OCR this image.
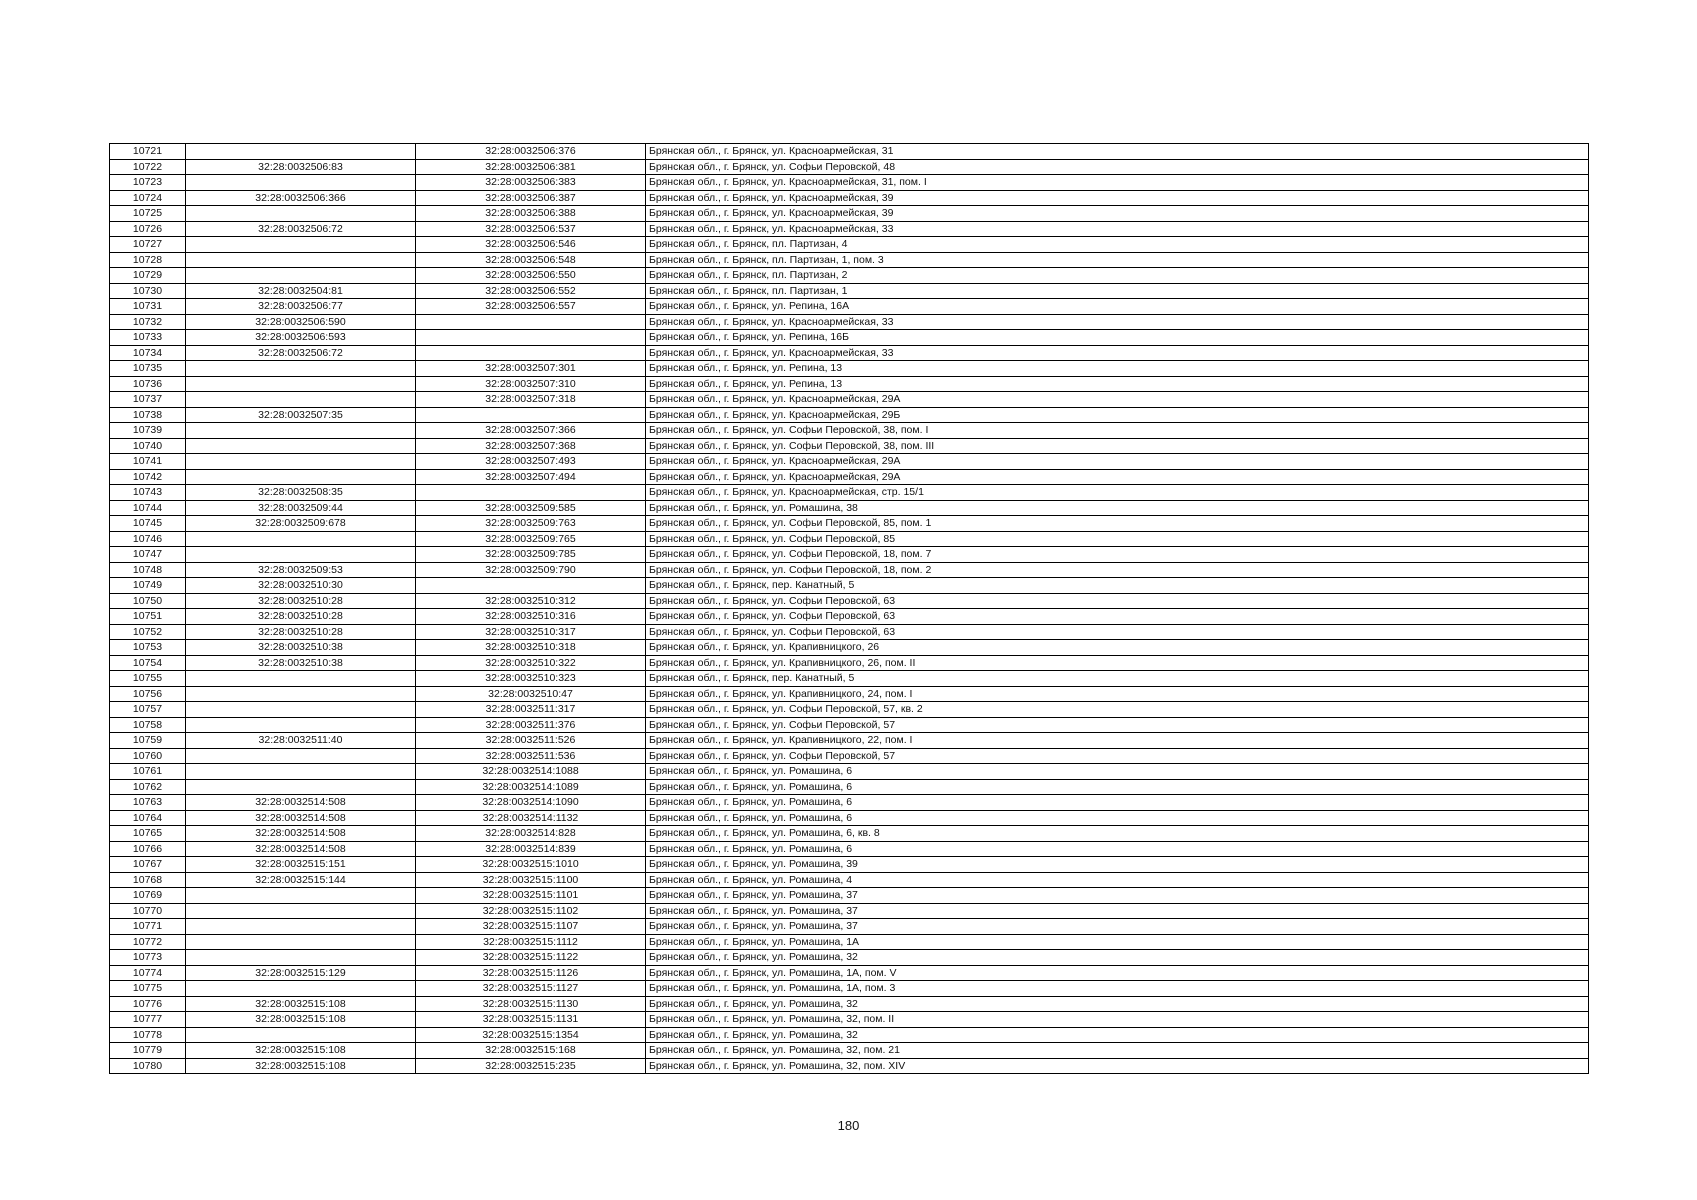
10721		32:28:0032506:376	Брянская обл., г. Брянск, ул. Красноармейская, 31
10722	32:28:0032506:83	32:28:0032506:381	Брянская обл., г. Брянск, ул. Софьи Перовской, 48
10723		32:28:0032506:383	Брянская обл., г. Брянск, ул. Красноармейская, 31, пом. I
10724	32:28:0032506:366	32:28:0032506:387	Брянская обл., г. Брянск, ул. Красноармейская, 39
10725		32:28:0032506:388	Брянская обл., г. Брянск, ул. Красноармейская, 39
10726	32:28:0032506:72	32:28:0032506:537	Брянская обл., г. Брянск, ул. Красноармейская, 33
10727		32:28:0032506:546	Брянская обл., г. Брянск, пл. Партизан, 4
10728		32:28:0032506:548	Брянская обл., г. Брянск, пл. Партизан, 1, пом. 3
10729		32:28:0032506:550	Брянская обл., г. Брянск, пл. Партизан, 2
10730	32:28:0032504:81	32:28:0032506:552	Брянская обл., г. Брянск, пл. Партизан, 1
10731	32:28:0032506:77	32:28:0032506:557	Брянская обл., г. Брянск, ул. Репина, 16А
10732	32:28:0032506:590		Брянская обл., г. Брянск, ул. Красноармейская, 33
10733	32:28:0032506:593		Брянская обл., г. Брянск, ул. Репина, 16Б
10734	32:28:0032506:72		Брянская обл., г. Брянск, ул. Красноармейская, 33
10735		32:28:0032507:301	Брянская обл., г. Брянск, ул. Репина, 13
10736		32:28:0032507:310	Брянская обл., г. Брянск, ул. Репина, 13
10737		32:28:0032507:318	Брянская обл., г. Брянск, ул. Красноармейская, 29А
10738	32:28:0032507:35		Брянская обл., г. Брянск, ул. Красноармейская, 29Б
10739		32:28:0032507:366	Брянская обл., г. Брянск, ул. Софьи Перовской, 38, пом. I
10740		32:28:0032507:368	Брянская обл., г. Брянск, ул. Софьи Перовской, 38, пом. III
10741		32:28:0032507:493	Брянская обл., г. Брянск, ул. Красноармейская, 29А
10742		32:28:0032507:494	Брянская обл., г. Брянск, ул. Красноармейская, 29А
10743	32:28:0032508:35		Брянская обл., г. Брянск, ул. Красноармейская, стр. 15/1
10744	32:28:0032509:44	32:28:0032509:585	Брянская обл., г. Брянск, ул. Ромашина, 38
10745	32:28:0032509:678	32:28:0032509:763	Брянская обл., г. Брянск, ул. Софьи Перовской, 85, пом. 1
10746		32:28:0032509:765	Брянская обл., г. Брянск, ул. Софьи Перовской, 85
10747		32:28:0032509:785	Брянская обл., г. Брянск, ул. Софьи Перовской, 18, пом. 7
10748	32:28:0032509:53	32:28:0032509:790	Брянская обл., г. Брянск, ул. Софьи Перовской, 18, пом. 2
10749	32:28:0032510:30		Брянская обл., г. Брянск, пер. Канатный, 5
10750	32:28:0032510:28	32:28:0032510:312	Брянская обл., г. Брянск, ул. Софьи Перовской, 63
10751	32:28:0032510:28	32:28:0032510:316	Брянская обл., г. Брянск, ул. Софьи Перовской, 63
10752	32:28:0032510:28	32:28:0032510:317	Брянская обл., г. Брянск, ул. Софьи Перовской, 63
10753	32:28:0032510:38	32:28:0032510:318	Брянская обл., г. Брянск, ул. Крапивницкого, 26
10754	32:28:0032510:38	32:28:0032510:322	Брянская обл., г. Брянск, ул. Крапивницкого, 26, пом. II
10755		32:28:0032510:323	Брянская обл., г. Брянск, пер. Канатный, 5
10756		32:28:0032510:47	Брянская обл., г. Брянск, ул. Крапивницкого, 24, пом. I
10757		32:28:0032511:317	Брянская обл., г. Брянск, ул. Софьи Перовской, 57, кв. 2
10758		32:28:0032511:376	Брянская обл., г. Брянск, ул. Софьи Перовской, 57
10759	32:28:0032511:40	32:28:0032511:526	Брянская обл., г. Брянск, ул. Крапивницкого, 22, пом. I
10760		32:28:0032511:536	Брянская обл., г. Брянск, ул. Софьи Перовской, 57
10761		32:28:0032514:1088	Брянская обл., г. Брянск, ул. Ромашина, 6
10762		32:28:0032514:1089	Брянская обл., г. Брянск, ул. Ромашина, 6
10763	32:28:0032514:508	32:28:0032514:1090	Брянская обл., г. Брянск, ул. Ромашина, 6
10764	32:28:0032514:508	32:28:0032514:1132	Брянская обл., г. Брянск, ул. Ромашина, 6
10765	32:28:0032514:508	32:28:0032514:828	Брянская обл., г. Брянск, ул. Ромашина, 6, кв. 8
10766	32:28:0032514:508	32:28:0032514:839	Брянская обл., г. Брянск, ул. Ромашина, 6
10767	32:28:0032515:151	32:28:0032515:1010	Брянская обл., г. Брянск, ул. Ромашина, 39
10768	32:28:0032515:144	32:28:0032515:1100	Брянская обл., г. Брянск, ул. Ромашина, 4
10769		32:28:0032515:1101	Брянская обл., г. Брянск, ул. Ромашина, 37
10770		32:28:0032515:1102	Брянская обл., г. Брянск, ул. Ромашина, 37
10771		32:28:0032515:1107	Брянская обл., г. Брянск, ул. Ромашина, 37
10772		32:28:0032515:1112	Брянская обл., г. Брянск, ул. Ромашина, 1А
10773		32:28:0032515:1122	Брянская обл., г. Брянск, ул. Ромашина, 32
10774	32:28:0032515:129	32:28:0032515:1126	Брянская обл., г. Брянск, ул. Ромашина, 1А, пом. V
10775		32:28:0032515:1127	Брянская обл., г. Брянск, ул. Ромашина, 1А, пом. 3
10776	32:28:0032515:108	32:28:0032515:1130	Брянская обл., г. Брянск, ул. Ромашина, 32
10777	32:28:0032515:108	32:28:0032515:1131	Брянская обл., г. Брянск, ул. Ромашина, 32, пом. II
10778		32:28:0032515:1354	Брянская обл., г. Брянск, ул. Ромашина, 32
10779	32:28:0032515:108	32:28:0032515:168	Брянская обл., г. Брянск, ул. Ромашина, 32, пом. 21
10780	32:28:0032515:108	32:28:0032515:235	Брянская обл., г. Брянск, ул. Ромашина, 32, пом. XIV
180
